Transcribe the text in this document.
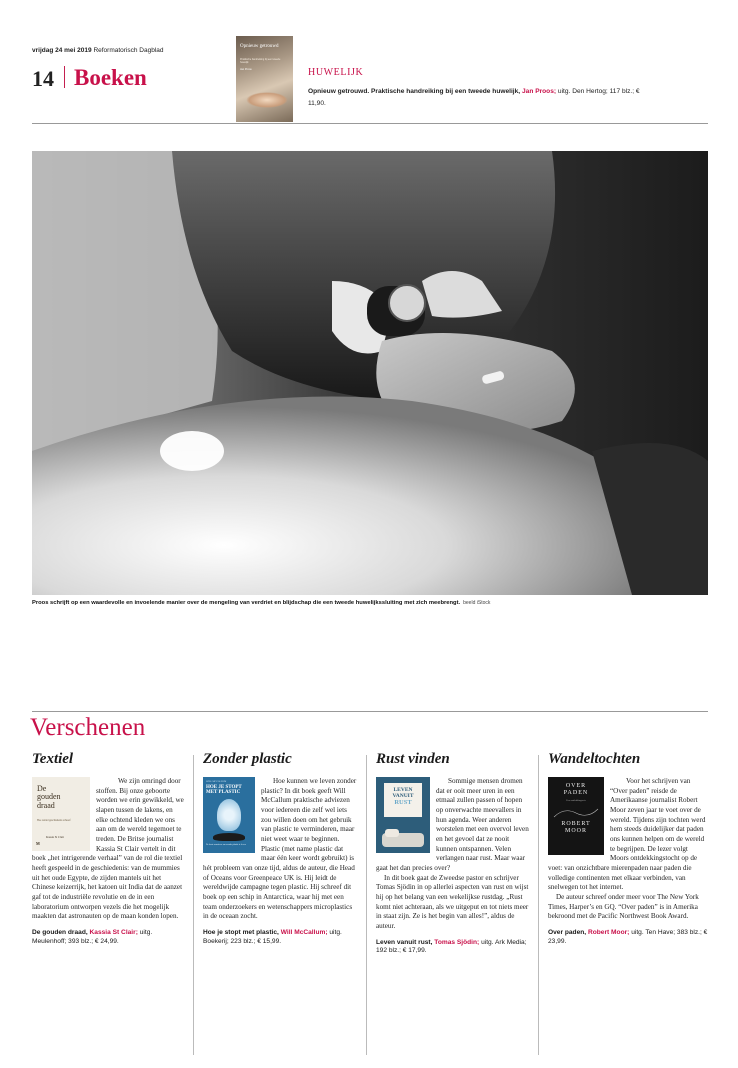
vrijdag 24 mei 2019 Reformatorisch Dagblad
14 Boeken
Opnieuw getrouwd
Praktische handreiking bij een tweede huwelijk
Jan Proos	HUWELIJK
Opnieuw getrouwd. Praktische handreiking bij een tweede huwelijk, Jan Proos; uitg. Den Hertog; 117 blz.; € 11,90.
Proos schrijft op een waardevolle en invoelende manier over de mengeling van verdriet en blijdschap die een tweede huwelijkssluiting met zich meebrengt. beeld iStock
Verschenen
Textiel
De
gouden
draad
Hoe textiel geschiedenis schreef
Kassia St Clair
M

We zijn omringd door stoffen. Bij onze geboorte worden we erin gewikkeld, we slapen tussen de lakens, en elke ochtend kleden we ons aan om de wereld tegemoet te treden. De Britse journalist Kassia St Clair vertelt in dit boek „het intrigerende verhaal” van de rol die textiel heeft gespeeld in de geschiedenis: van de mummies uit het oude Egypte, de zijden mantels uit het Chinese keizerrijk, het katoen uit India dat de aanzet gaf tot de industriële revolutie en de in een laboratorium ontworpen vezels die het mogelijk maakten dat astronauten op de maan konden lopen.

De gouden draad, Kassia St Clair; uitg. Meulenhoff; 393 blz.; € 24,99.
Zonder plastic
WILL MCCALLUM
HOE JE STOPT MET PLASTIC
De beste manieren om zonder plastic te leven

Hoe kunnen we leven zonder plastic? In dit boek geeft Will McCallum praktische adviezen voor iedereen die zelf wel iets zou willen doen om het gebruik van plastic te verminderen, maar niet weet waar te beginnen. Plastic (met name plastic dat maar één keer wordt gebruikt) is hét probleem van onze tijd, aldus de auteur, die Head of Oceans voor Greenpeace UK is. Hij leidt de wereldwijde campagne tegen plastic. Hij schreef dit boek op een schip in Antarctica, waar hij met een team onderzoekers en wetenschappers microplastics in de oceaan zocht.

Hoe je stopt met plastic, Will McCallum; uitg. Boekerij; 223 blz.; € 15,99.
Rust vinden
LEVEN
VANUIT
RUST

Sommige mensen dromen dat er ooit meer uren in een etmaal zullen passen of hopen op onverwachte meevallers in hun agenda. Weer anderen worstelen met een overvol leven en het gevoel dat ze nooit kunnen ontspannen. Velen verlangen naar rust. Maar waar gaat het dan precies over?

In dit boek gaat de Zweedse pastor en schrijver Tomas Sjödin in op allerlei aspecten van rust en wijst hij op het belang van een wekelijkse rustdag. „Rust komt niet achteraan, als we uitgeput en tot niets meer in staat zijn. Ze is het begin van alles!”, aldus de auteur.

Leven vanuit rust, Tomas Sjödin; uitg. Ark Media; 192 blz.; € 17,99.
Wandeltochten
OVER
PADEN
Een ontdekkingsreis
ROBERT
MOOR

Voor het schrijven van “Over paden” reisde de Amerikaanse journalist Robert Moor zeven jaar te voet over de wereld. Tijdens zijn tochten werd hem steeds duidelijker dat paden ons kunnen helpen om de wereld te begrijpen. De lezer volgt Moors ontdekkingstocht op de voet: van onzichtbare mierenpaden naar paden die volledige continenten met elkaar verbinden, van snelwegen tot het internet.

De auteur schreef onder meer voor The New York Times, Harper’s en GQ. “Over paden” is in Amerika bekroond met de Pacific Northwest Book Award.

Over paden, Robert Moor; uitg. Ten Have; 383 blz.; € 23,99.
